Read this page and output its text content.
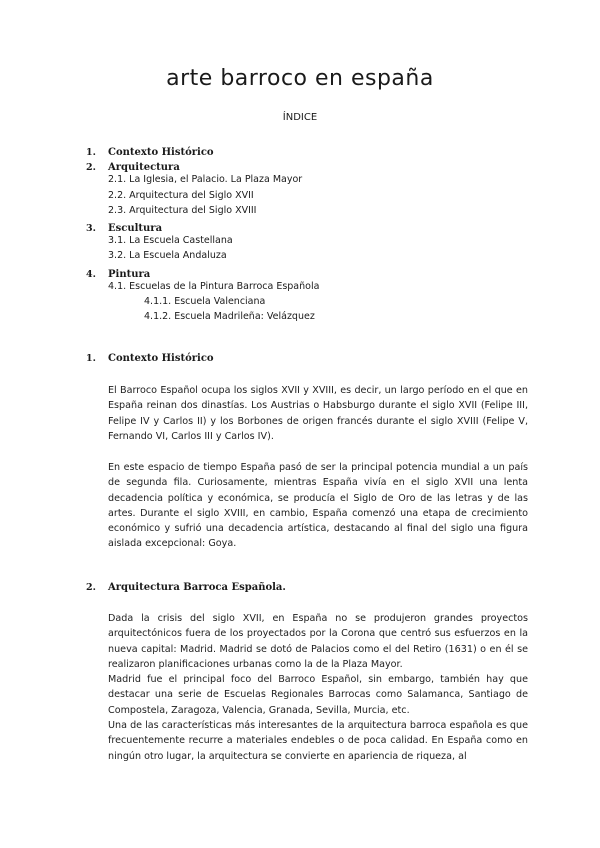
arte barroco en españa
ÍNDICE
1. Contexto Histórico
2. Arquitectura
2.1. La Iglesia, el Palacio. La Plaza Mayor
2.2. Arquitectura del Siglo XVII
2.3. Arquitectura del Siglo XVIII
3. Escultura
3.1. La Escuela Castellana
3.2. La Escuela Andaluza
4. Pintura
4.1. Escuelas de la Pintura Barroca Española
4.1.1. Escuela Valenciana
4.1.2. Escuela Madrileña: Velázquez
1. Contexto Histórico
El Barroco Español ocupa los siglos XVII y XVIII, es decir, un largo período en el que en España reinan dos dinastías. Los Austrias o Habsburgo durante el siglo XVII (Felipe III, Felipe IV y Carlos II) y los Borbones de origen francés durante el siglo XVIII (Felipe V, Fernando VI, Carlos III y Carlos IV).
En este espacio de tiempo España pasó de ser la principal potencia mundial a un país de segunda fila. Curiosamente, mientras España vivía en el siglo XVII una lenta decadencia política y económica, se producía el Siglo de Oro de las letras y de las artes. Durante el siglo XVIII, en cambio, España comenzó una etapa de crecimiento económico y sufrió una decadencia artística, destacando al final del siglo una figura aislada excepcional: Goya.
2. Arquitectura Barroca Española.
Dada la crisis del siglo XVII, en España no se produjeron grandes proyectos arquitectónicos fuera de los proyectados por la Corona que centró sus esfuerzos en la nueva capital: Madrid. Madrid se dotó de Palacios como el del Retiro (1631) o en él se realizaron planificaciones urbanas como la de la Plaza Mayor.
Madrid fue el principal foco del Barroco Español, sin embargo, también hay que destacar una serie de Escuelas Regionales Barrocas como Salamanca, Santiago de Compostela, Zaragoza, Valencia, Granada, Sevilla, Murcia, etc.
Una de las características más interesantes de la arquitectura barroca española es que frecuentemente recurre a materiales endebles o de poca calidad. En España como en ningún otro lugar, la arquitectura se convierte en apariencia de riqueza, al
